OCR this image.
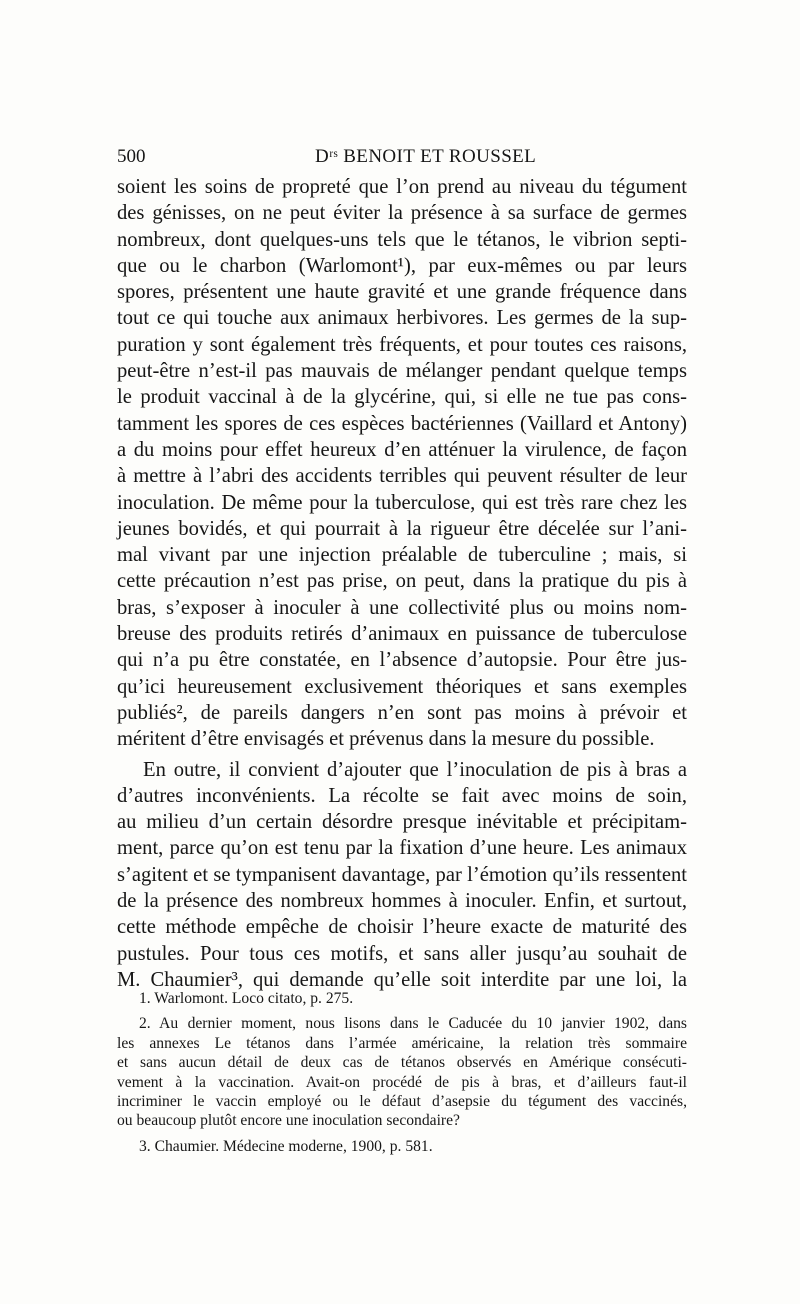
500	Dʳˢ BENOIT ET ROUSSEL
soient les soins de propreté que l’on prend au niveau du tégument
des génisses, on ne peut éviter la présence à sa surface de germes
nombreux, dont quelques-uns tels que le tétanos, le vibrion septi-
que ou le charbon (Warlomont¹), par eux-mêmes ou par leurs
spores, présentent une haute gravité et une grande fréquence dans
tout ce qui touche aux animaux herbivores. Les germes de la sup-
puration y sont également très fréquents, et pour toutes ces raisons,
peut-être n’est-il pas mauvais de mélanger pendant quelque temps
le produit vaccinal à de la glycérine, qui, si elle ne tue pas cons-
tamment les spores de ces espèces bactériennes (Vaillard et Antony)
a du moins pour effet heureux d’en atténuer la virulence, de façon
à mettre à l’abri des accidents terribles qui peuvent résulter de leur
inoculation. De même pour la tuberculose, qui est très rare chez les
jeunes bovidés, et qui pourrait à la rigueur être décelée sur l’ani-
mal vivant par une injection préalable de tuberculine ; mais, si
cette précaution n’est pas prise, on peut, dans la pratique du pis à
bras, s’exposer à inoculer à une collectivité plus ou moins nom-
breuse des produits retirés d’animaux en puissance de tuberculose
qui n’a pu être constatée, en l’absence d’autopsie. Pour être jus-
qu’ici heureusement exclusivement théoriques et sans exemples
publiés², de pareils dangers n’en sont pas moins à prévoir et
méritent d’être envisagés et prévenus dans la mesure du possible.
En outre, il convient d’ajouter que l’inoculation de pis à bras a
d’autres inconvénients. La récolte se fait avec moins de soin,
au milieu d’un certain désordre presque inévitable et précipitam-
ment, parce qu’on est tenu par la fixation d’une heure. Les animaux
s’agitent et se tympanisent davantage, par l’émotion qu’ils ressentent
de la présence des nombreux hommes à inoculer. Enfin, et surtout,
cette méthode empêche de choisir l’heure exacte de maturité des
pustules. Pour tous ces motifs, et sans aller jusqu’au souhait de
M. Chaumier³, qui demande qu’elle soit interdite par une loi, la
1. Warlomont. Loco citato, p. 275.
2. Au dernier moment, nous lisons dans le Caducée du 10 janvier 1902, dans
les annexes Le tétanos dans l’armée américaine, la relation très sommaire
et sans aucun détail de deux cas de tétanos observés en Amérique consécuti-
vement à la vaccination. Avait-on procédé de pis à bras, et d’ailleurs faut-il
incriminer le vaccin employé ou le défaut d’asepsie du tégument des vaccinés,
ou beaucoup plutôt encore une inoculation secondaire?
3. Chaumier. Médecine moderne, 1900, p. 581.
